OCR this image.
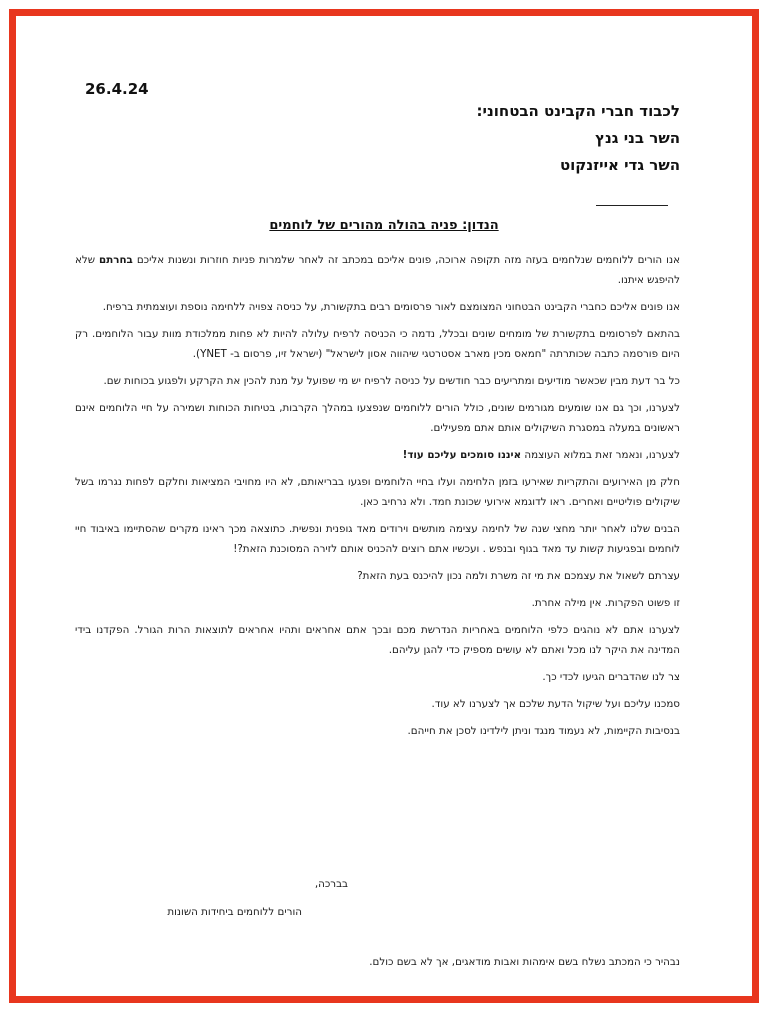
26.4.24
לכבוד חברי הקבינט הבטחוני:
השר בני גנץ
השר גדי אייזנקוט
הנדון: פניה בהולה מהורים של לוחמים

אנו הורים ללוחמים שנלחמים בעזה מזה תקופה ארוכה, פונים אליכם במכתב זה לאחר שלמרות פניות חוזרות ונשנות אליכם בחרתם שלא להיפגש איתנו.

אנו פונים אליכם כחברי הקבינט הבטחוני המצומצם לאור פרסומים רבים בתקשורת, על כניסה צפויה ללחימה נוספת ועוצמתית ברפיח.

בהתאם לפרסומים בתקשורת של מומחים שונים ובכלל, נדמה כי הכניסה לרפיח עלולה להיות לא פחות ממלכודת מוות עבור הלוחמים. רק היום פורסמה כתבה שכותרתה "חמאס מכין מארב אסטרטגי שיהווה אסון לישראל" (ישראל זיו, פרסום ב- YNET).

כל בר דעת מבין שכאשר מודיעים ומתריעים כבר חודשים על כניסה לרפיח יש מי שפועל על מנת להכין את הקרקע ולפגוע בכוחות שם.

לצערנו, וכך גם אנו שומעים מגורמים שונים, כולל הורים ללוחמים שנפצעו במהלך הקרבות, בטיחות הכוחות ושמירה על חיי הלוחמים אינם ראשונים במעלה במסגרת השיקולים אותם אתם מפעילים.

לצערנו, ונאמר זאת במלוא העוצמה איננו סומכים עליכם עוד!

חלק מן האירועים והתקריות שאירעו בזמן הלחימה ועלו בחיי הלוחמים ופגעו בבריאותם, לא היו מחויבי המציאות וחלקם לפחות נגרמו בשל שיקולים פוליטיים ואחרים. ראו לדוגמא אירועי שכונת חמד. ולא נרחיב כאן.

הבנים שלנו לאחר יותר מחצי שנה של לחימה עצימה מותשים וירודים מאד גופנית ונפשית. כתוצאה מכך ראינו מקרים שהסתיימו באיבוד חיי לוחמים ובפגיעות קשות עד מאד בגוף ובנפש . ועכשיו אתם רוצים להכניס אותם לזירה המסוכנת הזאת?!

עצרתם לשאול את עצמכם את מי זה משרת ולמה נכון להיכנס בעת הזאת?

זו פשוט הפקרות. אין מילה אחרת.

לצערנו אתם לא נוהגים כלפי הלוחמים באחריות הנדרשת מכם ובכך אתם אחראים ותהיו אחראים לתוצאות הרות הגורל. הפקדנו בידי המדינה את היקר לנו מכל ואתם לא עושים מספיק כדי להגן עליהם.

צר לנו שהדברים הגיעו לכדי כך.

סמכנו עליכם ועל שיקול הדעת שלכם אך לצערנו לא עוד.

בנסיבות הקיימות, לא נעמוד מנגד וניתן לילדינו לסכן את חייהם.

בברכה,
הורים ללוחמים ביחידות השונות
נבהיר כי המכתב נשלח בשם אימהות ואבות מודאגים, אך לא בשם כולם.
